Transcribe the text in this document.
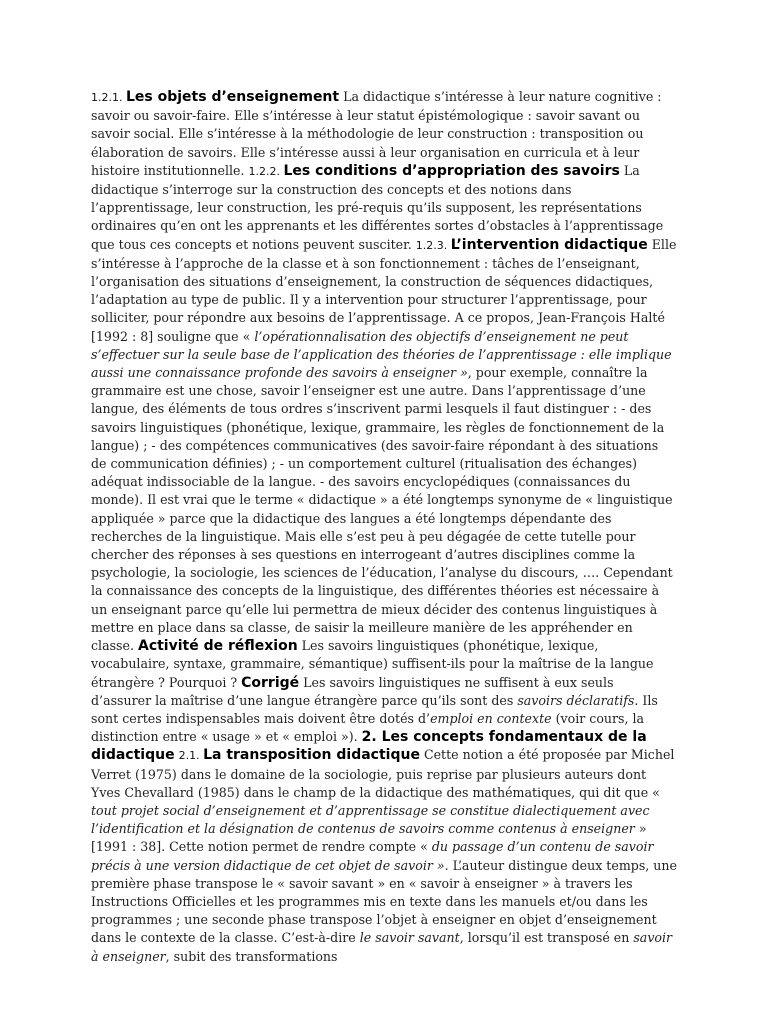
1.2.1. Les objets d’enseignement La didactique s’intéresse à leur nature cognitive : savoir ou savoir-faire. Elle s’intéresse à leur statut épistémologique : savoir savant ou savoir social. Elle s’intéresse à la méthodologie de leur construction : transposition ou élaboration de savoirs. Elle s’intéresse aussi à leur organisation en curricula et à leur histoire institutionnelle. 1.2.2. Les conditions d’appropriation des savoirs La didactique s’interroge sur la construction des concepts et des notions dans l’apprentissage, leur construction, les pré-requis qu’ils supposent, les représentations ordinaires qu’en ont les apprenants et les différentes sortes d’obstacles à l’apprentissage que tous ces concepts et notions peuvent susciter. 1.2.3. L’intervention didactique Elle s’intéresse à l’approche de la classe et à son fonctionnement : tâches de l’enseignant, l’organisation des situations d’enseignement, la construction de séquences didactiques, l’adaptation au type de public. Il y a intervention pour structurer l’apprentissage, pour solliciter, pour répondre aux besoins de l’apprentissage. A ce propos, Jean-François Halté [1992 : 8] souligne que « l’opérationnalisation des objectifs d’enseignement ne peut s’effectuer sur la seule base de l’application des théories de l’apprentissage : elle implique aussi une connaissance profonde des savoirs à enseigner », pour exemple, connaître la grammaire est une chose, savoir l’enseigner est une autre. Dans l’apprentissage d’une langue, des éléments de tous ordres s’inscrivent parmi lesquels il faut distinguer : - des savoirs linguistiques (phonétique, lexique, grammaire, les règles de fonctionnement de la langue) ; - des compétences communicatives (des savoir-faire répondant à des situations de communication définies) ; - un comportement culturel (ritualisation des échanges) adéquat indissociable de la langue. - des savoirs encyclopédiques (connaissances du monde). Il est vrai que le terme « didactique » a été longtemps synonyme de « linguistique appliquée » parce que la didactique des langues a été longtemps dépendante des recherches de la linguistique. Mais elle s’est peu à peu dégagée de cette tutelle pour chercher des réponses à ses questions en interrogeant d’autres disciplines comme la psychologie, la sociologie, les sciences de l’éducation, l’analyse du discours, …. Cependant la connaissance des concepts de la linguistique, des différentes théories est nécessaire à un enseignant parce qu’elle lui permettra de mieux décider des contenus linguistiques à mettre en place dans sa classe, de saisir la meilleure manière de les appréhender en classe. Activité de réflexion Les savoirs linguistiques (phonétique, lexique, vocabulaire, syntaxe, grammaire, sémantique) suffisent-ils pour la maîtrise de la langue étrangère ? Pourquoi ? Corrigé Les savoirs linguistiques ne suffisent à eux seuls d’assurer la maîtrise d’une langue étrangère parce qu’ils sont des savoirs déclaratifs. Ils sont certes indispensables mais doivent être dotés d’emploi en contexte (voir cours, la distinction entre « usage » et « emploi »). 2. Les concepts fondamentaux de la didactique 2.1. La transposition didactique Cette notion a été proposée par Michel Verret (1975) dans le domaine de la sociologie, puis reprise par plusieurs auteurs dont Yves Chevallard (1985) dans le champ de la didactique des mathématiques, qui dit que « tout projet social d’enseignement et d’apprentissage se constitue dialectiquement avec l’identification et la désignation de contenus de savoirs comme contenus à enseigner » [1991 : 38]. Cette notion permet de rendre compte « du passage d’un contenu de savoir précis à une version didactique de cet objet de savoir ». L’auteur distingue deux temps, une première phase transpose le « savoir savant » en « savoir à enseigner » à travers les Instructions Officielles et les programmes mis en texte dans les manuels et/ou dans les programmes ; une seconde phase transpose l’objet à enseigner en objet d’enseignement dans le contexte de la classe. C’est-à-dire le savoir savant, lorsqu’il est transposé en savoir à enseigner, subit des transformations
